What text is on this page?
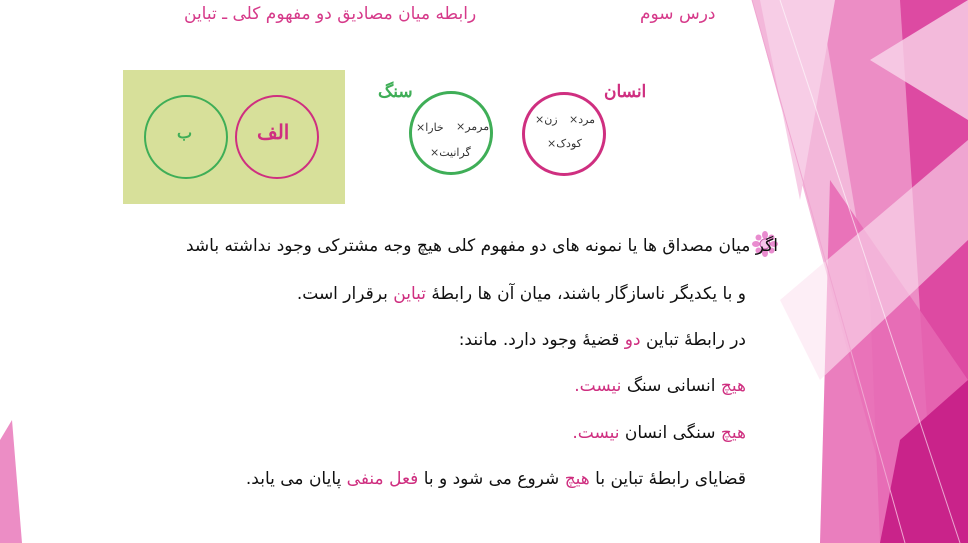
درس سوم
رابطه میان مصادیق دو مفهوم کلی ـ تباین
ب	الف
سنگ
مرمر×
خارا×
گرانیت×
انسان
مرد×
زن×
کودک×
اگر میان مصداق ها یا نمونه های دو مفهوم کلی هیچ وجه مشترکی وجود نداشته باشد
و با یکدیگر ناسازگار باشند، میان آن ها رابطۀ تباین برقرار است.
در رابطۀ تباین دو قضیۀ وجود دارد. مانند:
هیچ انسانی سنگ نیست.
هیچ سنگی انسان نیست.
قضایای رابطۀ تباین با هیچ شروع می شود و با فعل منفی پایان می یابد.
